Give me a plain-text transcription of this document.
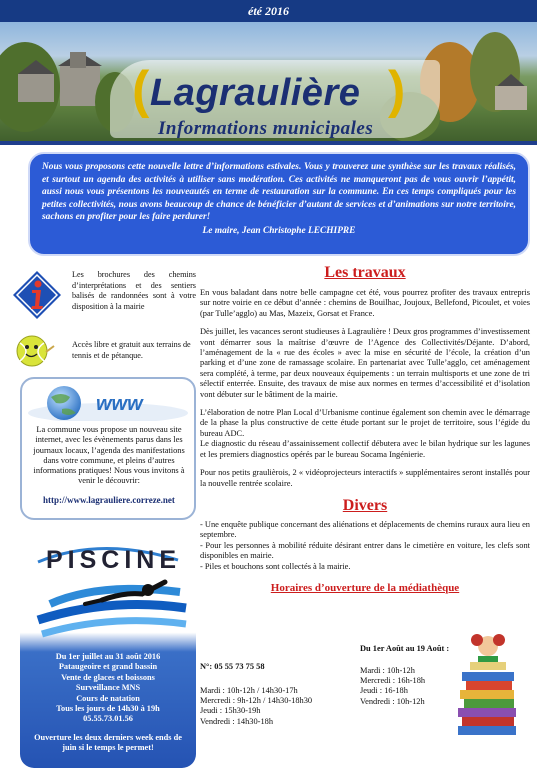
été 2016
( Lagraulière )
Informations municipales
Nous vous proposons cette nouvelle lettre d’informations estivales. Vous y trouverez une synthèse sur les travaux réalisés, et surtout un agenda des activités à utiliser sans modération. Ces activités ne manqueront pas de vous ouvrir l’appétit, aussi nous vous présentons les nouveautés en terme de restauration sur la commune. En ces temps compliqués pour les petites collectivités, nous avons beaucoup de chance de bénéficier d’autant de services et d’animations sur notre territoire, sachons en profiter pour les faire perdurer!
Le maire, Jean Christophe LECHIPRE
Les brochures des chemins d’interprétations et des sentiers balisés de randonnées sont à votre disposition à la mairie
Accès libre et gratuit aux terrains de tennis et de pétanque.
www
La commune vous propose un nouveau site internet, avec les évènements parus dans les journaux locaux, l’agenda des manifestations dans votre commune, et pleins d’autres informations pratiques! Nous vous invitons à venir le découvrir:
http://www.lagrauliere.correze.net
PISCINE
Du 1er juillet au 31 août 2016
Pataugeoire et grand bassin
Vente de glaces et boissons
Surveillance MNS
Cours de natation
Tous les jours de 14h30 à 19h
05.55.73.01.56
Ouverture les deux derniers week ends de juin si le temps le permet!
Les travaux
En vous baladant dans notre belle campagne cet été, vous pourrez profiter des travaux entrepris sur notre voirie en ce début d’année : chemins de Bouilhac, Joujoux, Bellefond, Picoulet, et voies (par Tulle’agglo) au Mas, Mazeix, Gorsat et France.
Dès juillet, les vacances seront studieuses à Lagraulière ! Deux gros programmes d’investissement vont démarrer sous la maîtrise d’œuvre de l’Agence des Collectivités/Déjante. D’abord, l’aménagement de la « rue des écoles » avec la mise en sécurité de l’école, la création d’un parking et d’une zone de ramassage scolaire. En partenariat avec Tulle’agglo, cet aménagement sera complété, à terme, par deux nouveaux équipements : un terrain multisports et une zone de tri sélectif enterrée. Ensuite, des travaux de mise aux normes en termes d’accessibilité et d’isolation vont débuter sur le bâtiment de la mairie.
L’élaboration de notre Plan Local d’Urbanisme continue également son chemin avec le démarrage de la phase la plus constructive de cette étude portant sur le projet de territoire, sous l’égide du bureau ADC.
Le diagnostic du réseau d’assainissement collectif débutera avec le bilan hydrique sur les lagunes et les premiers diagnostics opérés par le bureau Socama Ingénierie.
Pour nos petits graulièrois, 2 « vidéoprojecteurs interactifs » supplémentaires seront installés pour la nouvelle rentrée scolaire.
Divers
- Une enquête publique concernant des aliénations et déplacements de chemins ruraux aura lieu en septembre.
- Pour les personnes à mobilité réduite désirant entrer dans le cimetière en voiture, les clefs sont disponibles en mairie.
- Piles et bouchons sont collectés à la mairie.
Horaires d’ouverture de la médiathèque
N°: 05 55 73 75 58
Mardi : 10h-12h / 14h30-17h
Mercredi : 9h-12h / 14h30-18h30
Jeudi : 15h30-19h
Vendredi : 14h30-18h
Du 1er Août au 19 Août :
Mardi : 10h-12h
Mercredi : 16h-18h
Jeudi : 16-18h
Vendredi : 10h-12h
